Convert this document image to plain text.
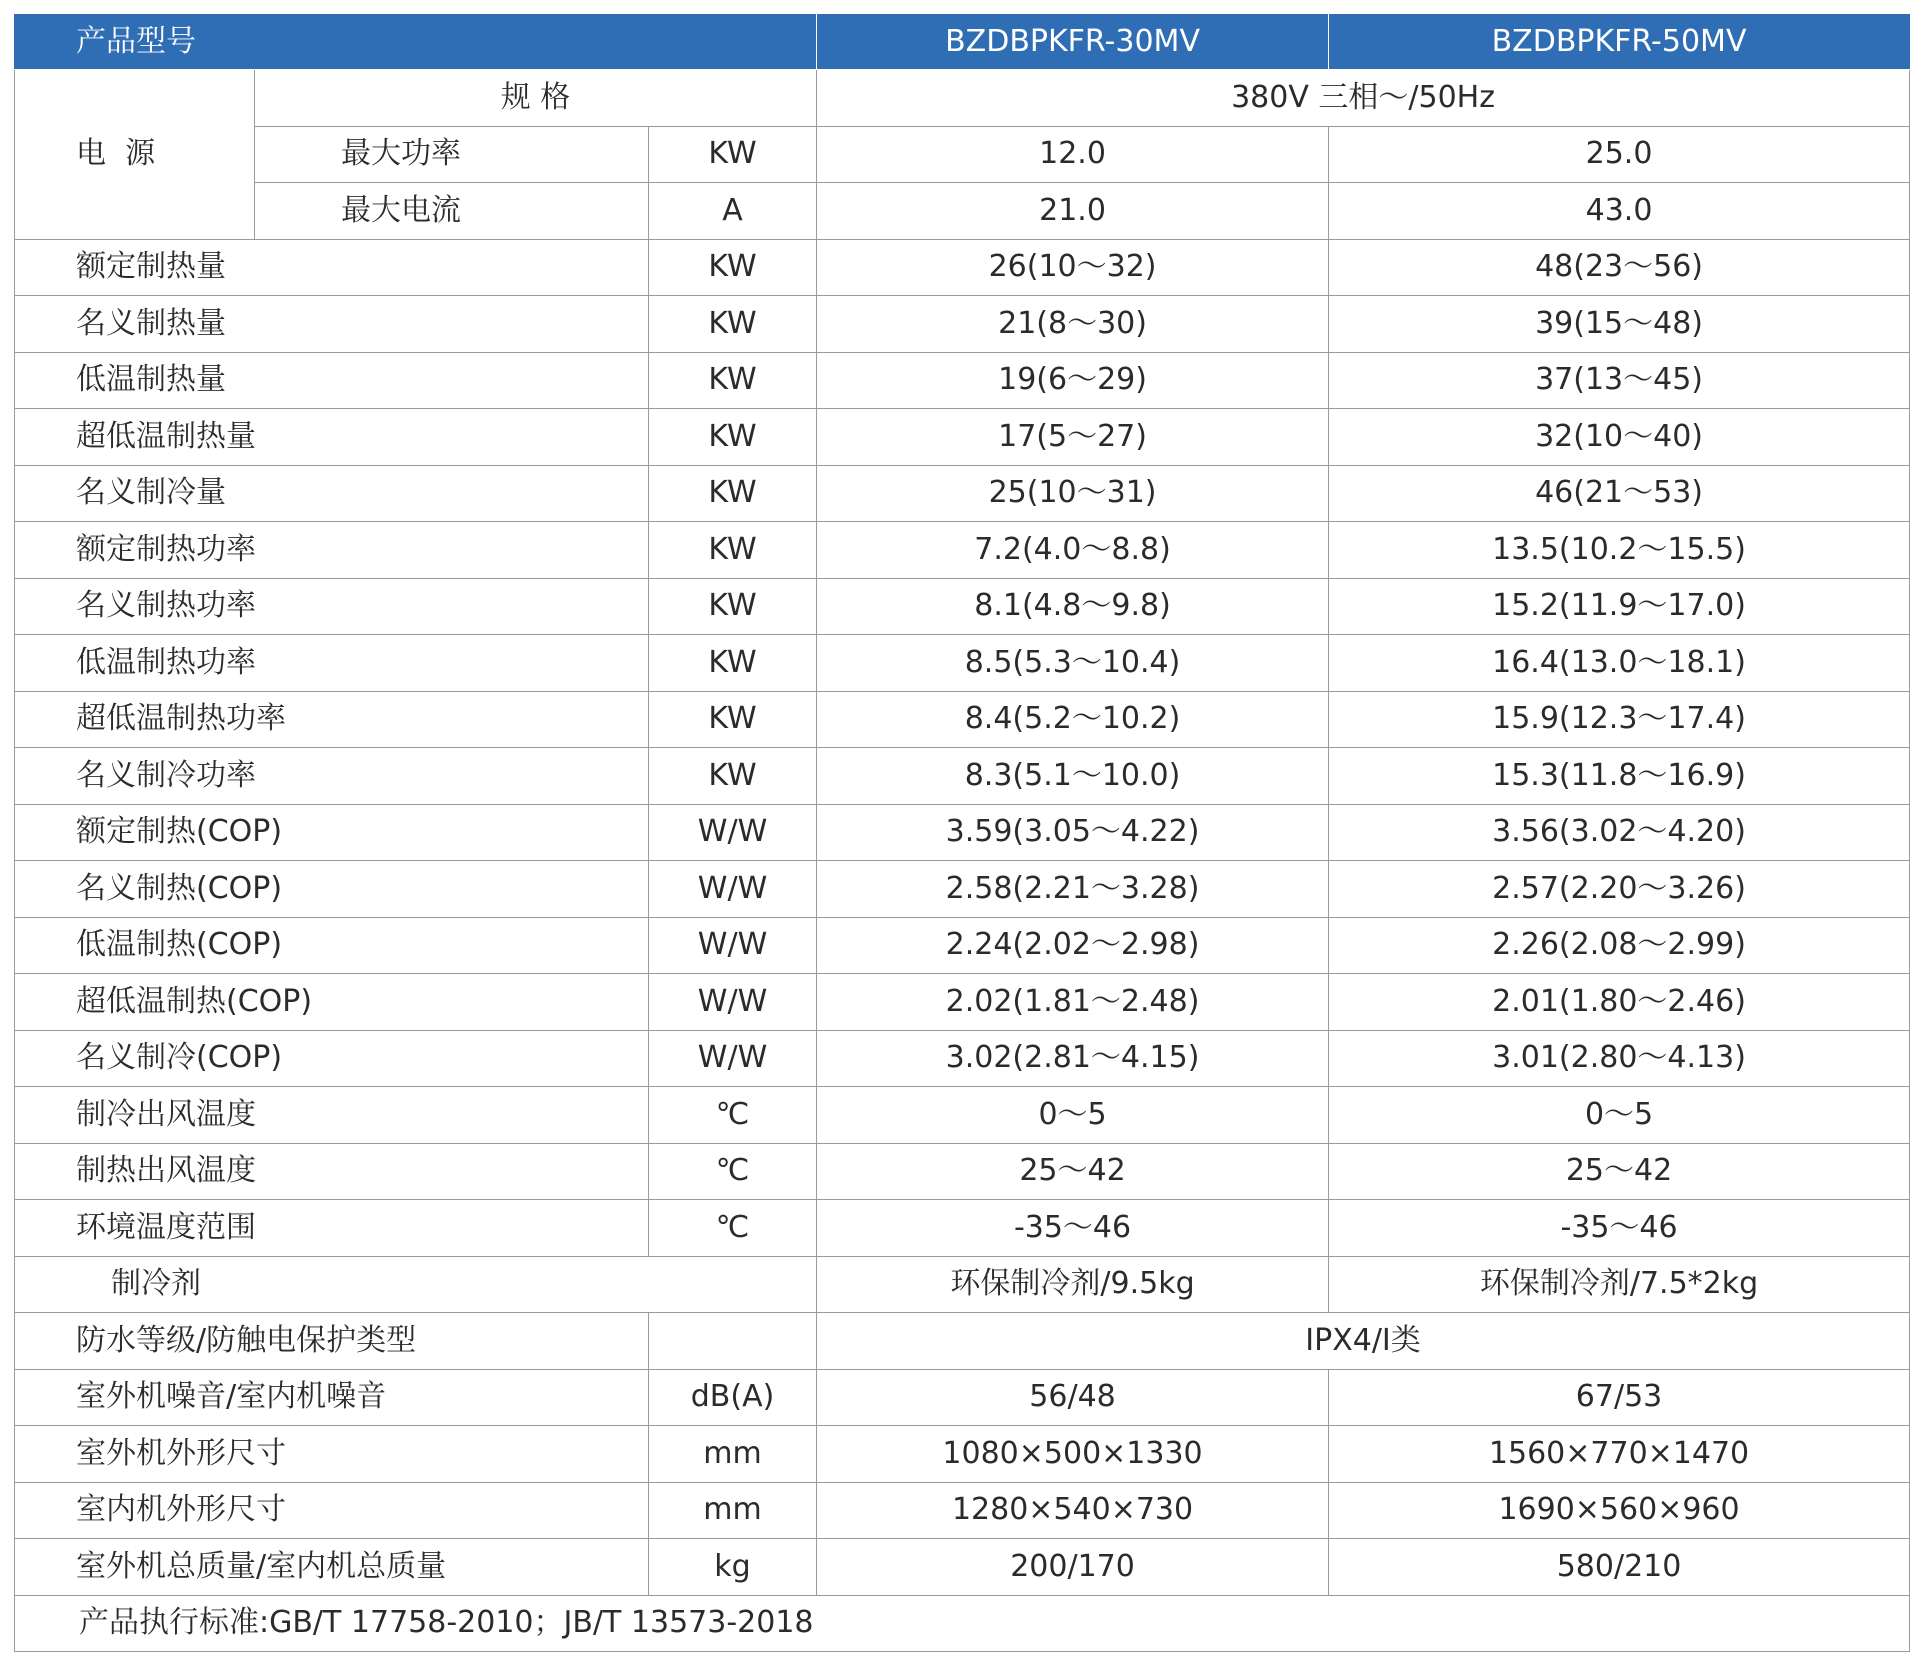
产品型号			BZDBPKFR-30MV	BZDBPKFR-50MV
电  源	规 格		380V 三相～/50Hz	
	最大功率	KW	12.0	25.0
	最大电流	A	21.0	43.0
额定制热量		KW	26(10～32)	48(23～56)
名义制热量		KW	21(8～30)	39(15～48)
低温制热量		KW	19(6～29)	37(13～45)
超低温制热量		KW	17(5～27)	32(10～40)
名义制冷量		KW	25(10～31)	46(21～53)
额定制热功率		KW	7.2(4.0～8.8)	13.5(10.2～15.5)
名义制热功率		KW	8.1(4.8～9.8)	15.2(11.9～17.0)
低温制热功率		KW	8.5(5.3～10.4)	16.4(13.0～18.1)
超低温制热功率		KW	8.4(5.2～10.2)	15.9(12.3～17.4)
名义制冷功率		KW	8.3(5.1～10.0)	15.3(11.8～16.9)
额定制热(COP)		W/W	3.59(3.05～4.22)	3.56(3.02～4.20)
名义制热(COP)		W/W	2.58(2.21～3.28)	2.57(2.20～3.26)
低温制热(COP)		W/W	2.24(2.02～2.98)	2.26(2.08～2.99)
超低温制热(COP)		W/W	2.02(1.81～2.48)	2.01(1.80～2.46)
名义制冷(COP)		W/W	3.02(2.81～4.15)	3.01(2.80～4.13)
制冷出风温度		℃	0～5	0～5
制热出风温度		℃	25～42	25～42
环境温度范围		℃	-35～46	-35～46
制冷剂			环保制冷剂/9.5kg	环保制冷剂/7.5*2kg
防水等级/防触电保护类型			IPX4/I类	
室外机噪音/室内机噪音		dB(A)	56/48	67/53
室外机外形尺寸		mm	1080×500×1330	1560×770×1470
室内机外形尺寸		mm	1280×540×730	1690×560×960
室外机总质量/室内机总质量		kg	200/170	580/210
产品执行标准:GB/T 17758-2010；JB/T 13573-2018				
